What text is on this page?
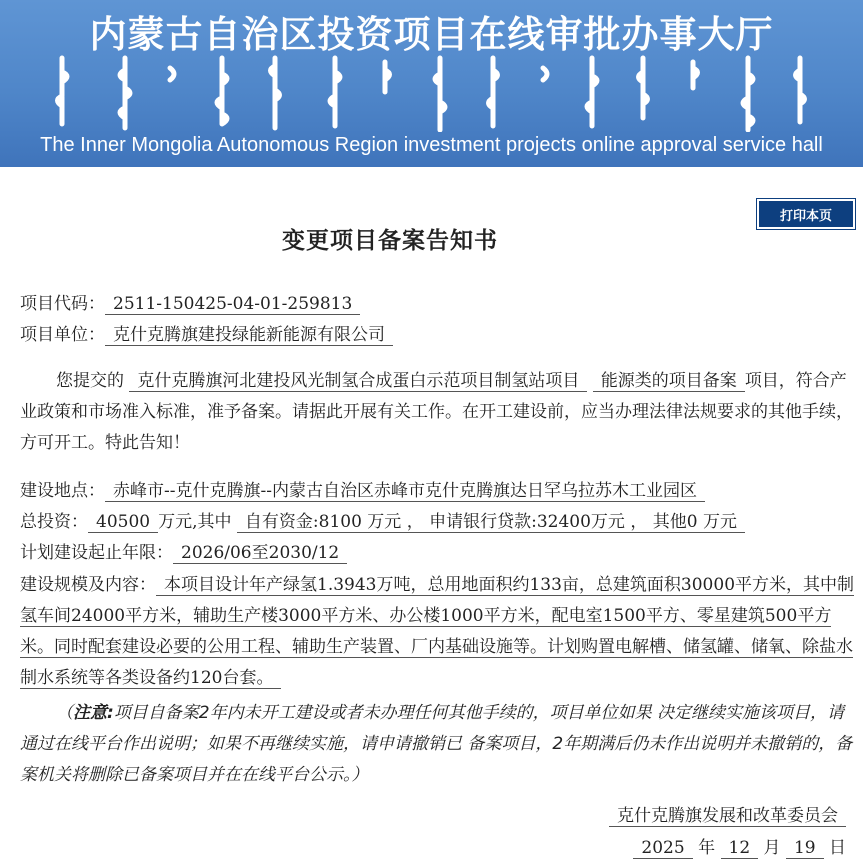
内蒙古自治区投资项目在线审批办事大厅
The Inner Mongolia Autonomous Region investment projects online approval service hall
打印本页
变更项目备案告知书
项目代码： 2511-150425-04-01-259813
项目单位： 克什克腾旗建投绿能新能源有限公司
您提交的 克什克腾旗河北建投风光制氢合成蛋白示范项目制氢站项目 能源类的项目备案 项目，符合产业政策和市场准入标准，准予备案。请据此开展有关工作。在开工建设前，应当办理法律法规要求的其他手续，方可开工。特此告知！
建设地点： 赤峰市--克什克腾旗--内蒙古自治区赤峰市克什克腾旗达日罕乌拉苏木工业园区
总投资： 40500 万元,其中 自有资金:8100 万元 ， 申请银行贷款:32400万元 ， 其他0 万元
计划建设起止年限： 2026/06至2030/12
建设规模及内容： 本项目设计年产绿氢1.3943万吨，总用地面积约133亩，总建筑面积30000平方米，其中制氢车间24000平方米，辅助生产楼3000平方米、办公楼1000平方米，配电室1500平方、零星建筑500平方米。同时配套建设必要的公用工程、辅助生产装置、厂内基础设施等。计划购置电解槽、储氢罐、储氧、除盐水制水系统等各类设备约120台套。
（注意:项目自备案2年内未开工建设或者未办理任何其他手续的，项目单位如果 决定继续实施该项目，请通过在线平台作出说明；如果不再继续实施，请申请撤销已 备案项目，2年期满后仍未作出说明并未撤销的，备案机关将删除已备案项目并在在线平台公示。）
克什克腾旗发展和改革委员会
2025 年 12 月 19 日
